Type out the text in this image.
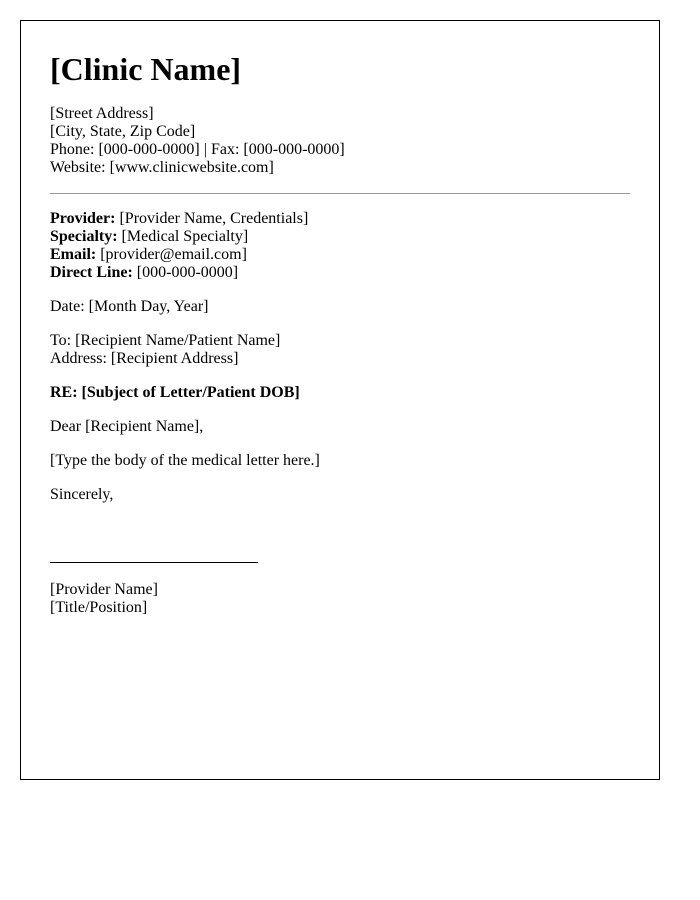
[Clinic Name]
[Street Address]
[City, State, Zip Code]
Phone: [000-000-0000] | Fax: [000-000-0000]
Website: [www.clinicwebsite.com]
Provider: [Provider Name, Credentials]
Specialty: [Medical Specialty]
Email: [provider@email.com]
Direct Line: [000-000-0000]
Date: [Month Day, Year]
To: [Recipient Name/Patient Name]
Address: [Recipient Address]
RE: [Subject of Letter/Patient DOB]
Dear [Recipient Name],
[Type the body of the medical letter here.]
Sincerely,
[Provider Name]
[Title/Position]
